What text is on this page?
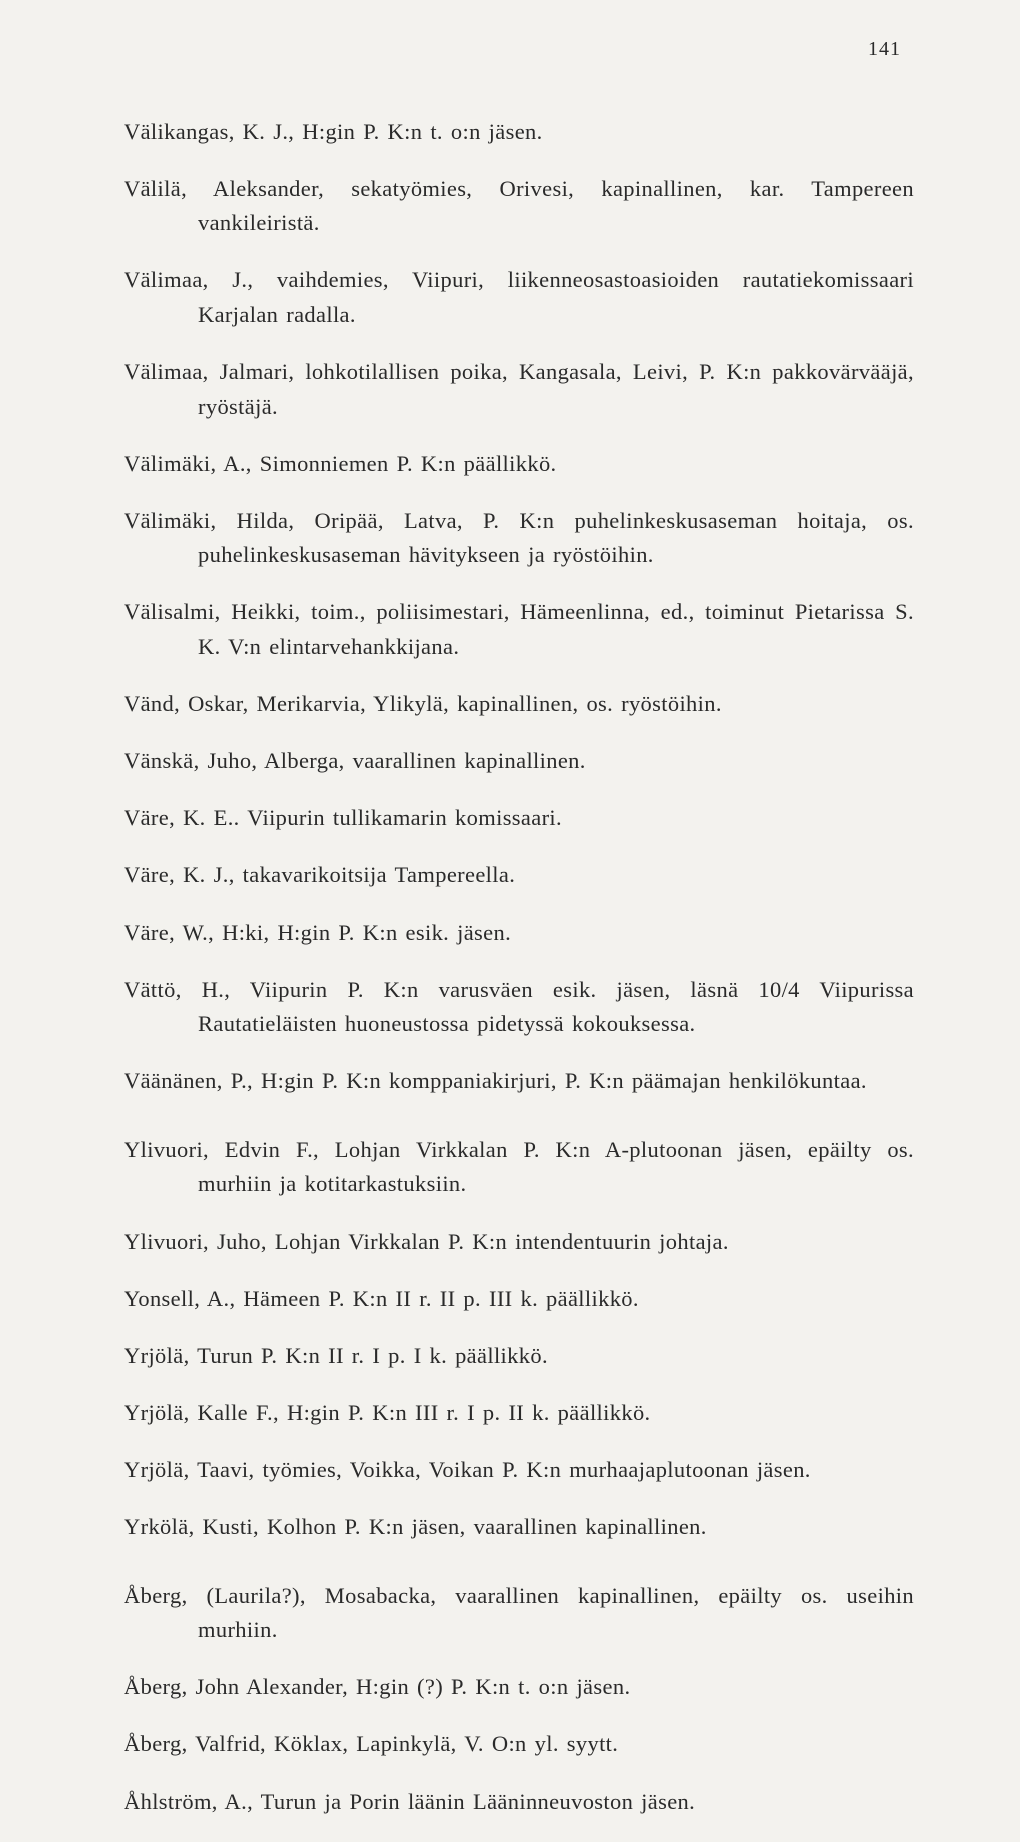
141

Välikangas, K. J., H:gin P. K:n t. o:n jäsen.

Välilä, Aleksander, sekatyömies, Orivesi, kapinallinen, kar. Tampereen vankileiristä.

Välimaa, J., vaihdemies, Viipuri, liikenneosastoasioiden rautatiekomissaari Karjalan radalla.

Välimaa, Jalmari, lohkotilallisen poika, Kangasala, Leivi, P. K:n pakkovärvääjä, ryöstäjä.

Välimäki, A., Simonniemen P. K:n päällikkö.

Välimäki, Hilda, Oripää, Latva, P. K:n puhelinkeskusaseman hoitaja, os. puhelinkeskusaseman hävitykseen ja ryöstöihin.

Välisalmi, Heikki, toim., poliisimestari, Hämeenlinna, ed., toiminut Pietarissa S. K. V:n elintarvehankkijana.

Vänd, Oskar, Merikarvia, Ylikylä, kapinallinen, os. ryöstöihin.

Vänskä, Juho, Alberga, vaarallinen kapinallinen.

Väre, K. E.. Viipurin tullikamarin komissaari.

Väre, K. J., takavarikoitsija Tampereella.

Väre, W., H:ki, H:gin P. K:n esik. jäsen.

Vättö, H., Viipurin P. K:n varusväen esik. jäsen, läsnä 10/4 Viipurissa Rautatieläisten huoneustossa pidetyssä kokouksessa.

Väänänen, P., H:gin P. K:n komppaniakirjuri, P. K:n päämajan henkilökuntaa.

Ylivuori, Edvin F., Lohjan Virkkalan P. K:n A-plutoonan jäsen, epäilty os. murhiin ja kotitarkastuksiin.

Ylivuori, Juho, Lohjan Virkkalan P. K:n intendentuurin johtaja.

Yonsell, A., Hämeen P. K:n II r. II p. III k. päällikkö.

Yrjölä, Turun P. K:n II r. I p. I k. päällikkö.

Yrjölä, Kalle F., H:gin P. K:n III r. I p. II k. päällikkö.

Yrjölä, Taavi, työmies, Voikka, Voikan P. K:n murhaajaplutoonan jäsen.

Yrkölä, Kusti, Kolhon P. K:n jäsen, vaarallinen kapinallinen.

Åberg, (Laurila?), Mosabacka, vaarallinen kapinallinen, epäilty os. useihin murhiin.

Åberg, John Alexander, H:gin (?) P. K:n t. o:n jäsen.

Åberg, Valfrid, Köklax, Lapinkylä, V. O:n yl. syytt.

Åhlström, A., Turun ja Porin läänin Lääninneuvoston jäsen.
